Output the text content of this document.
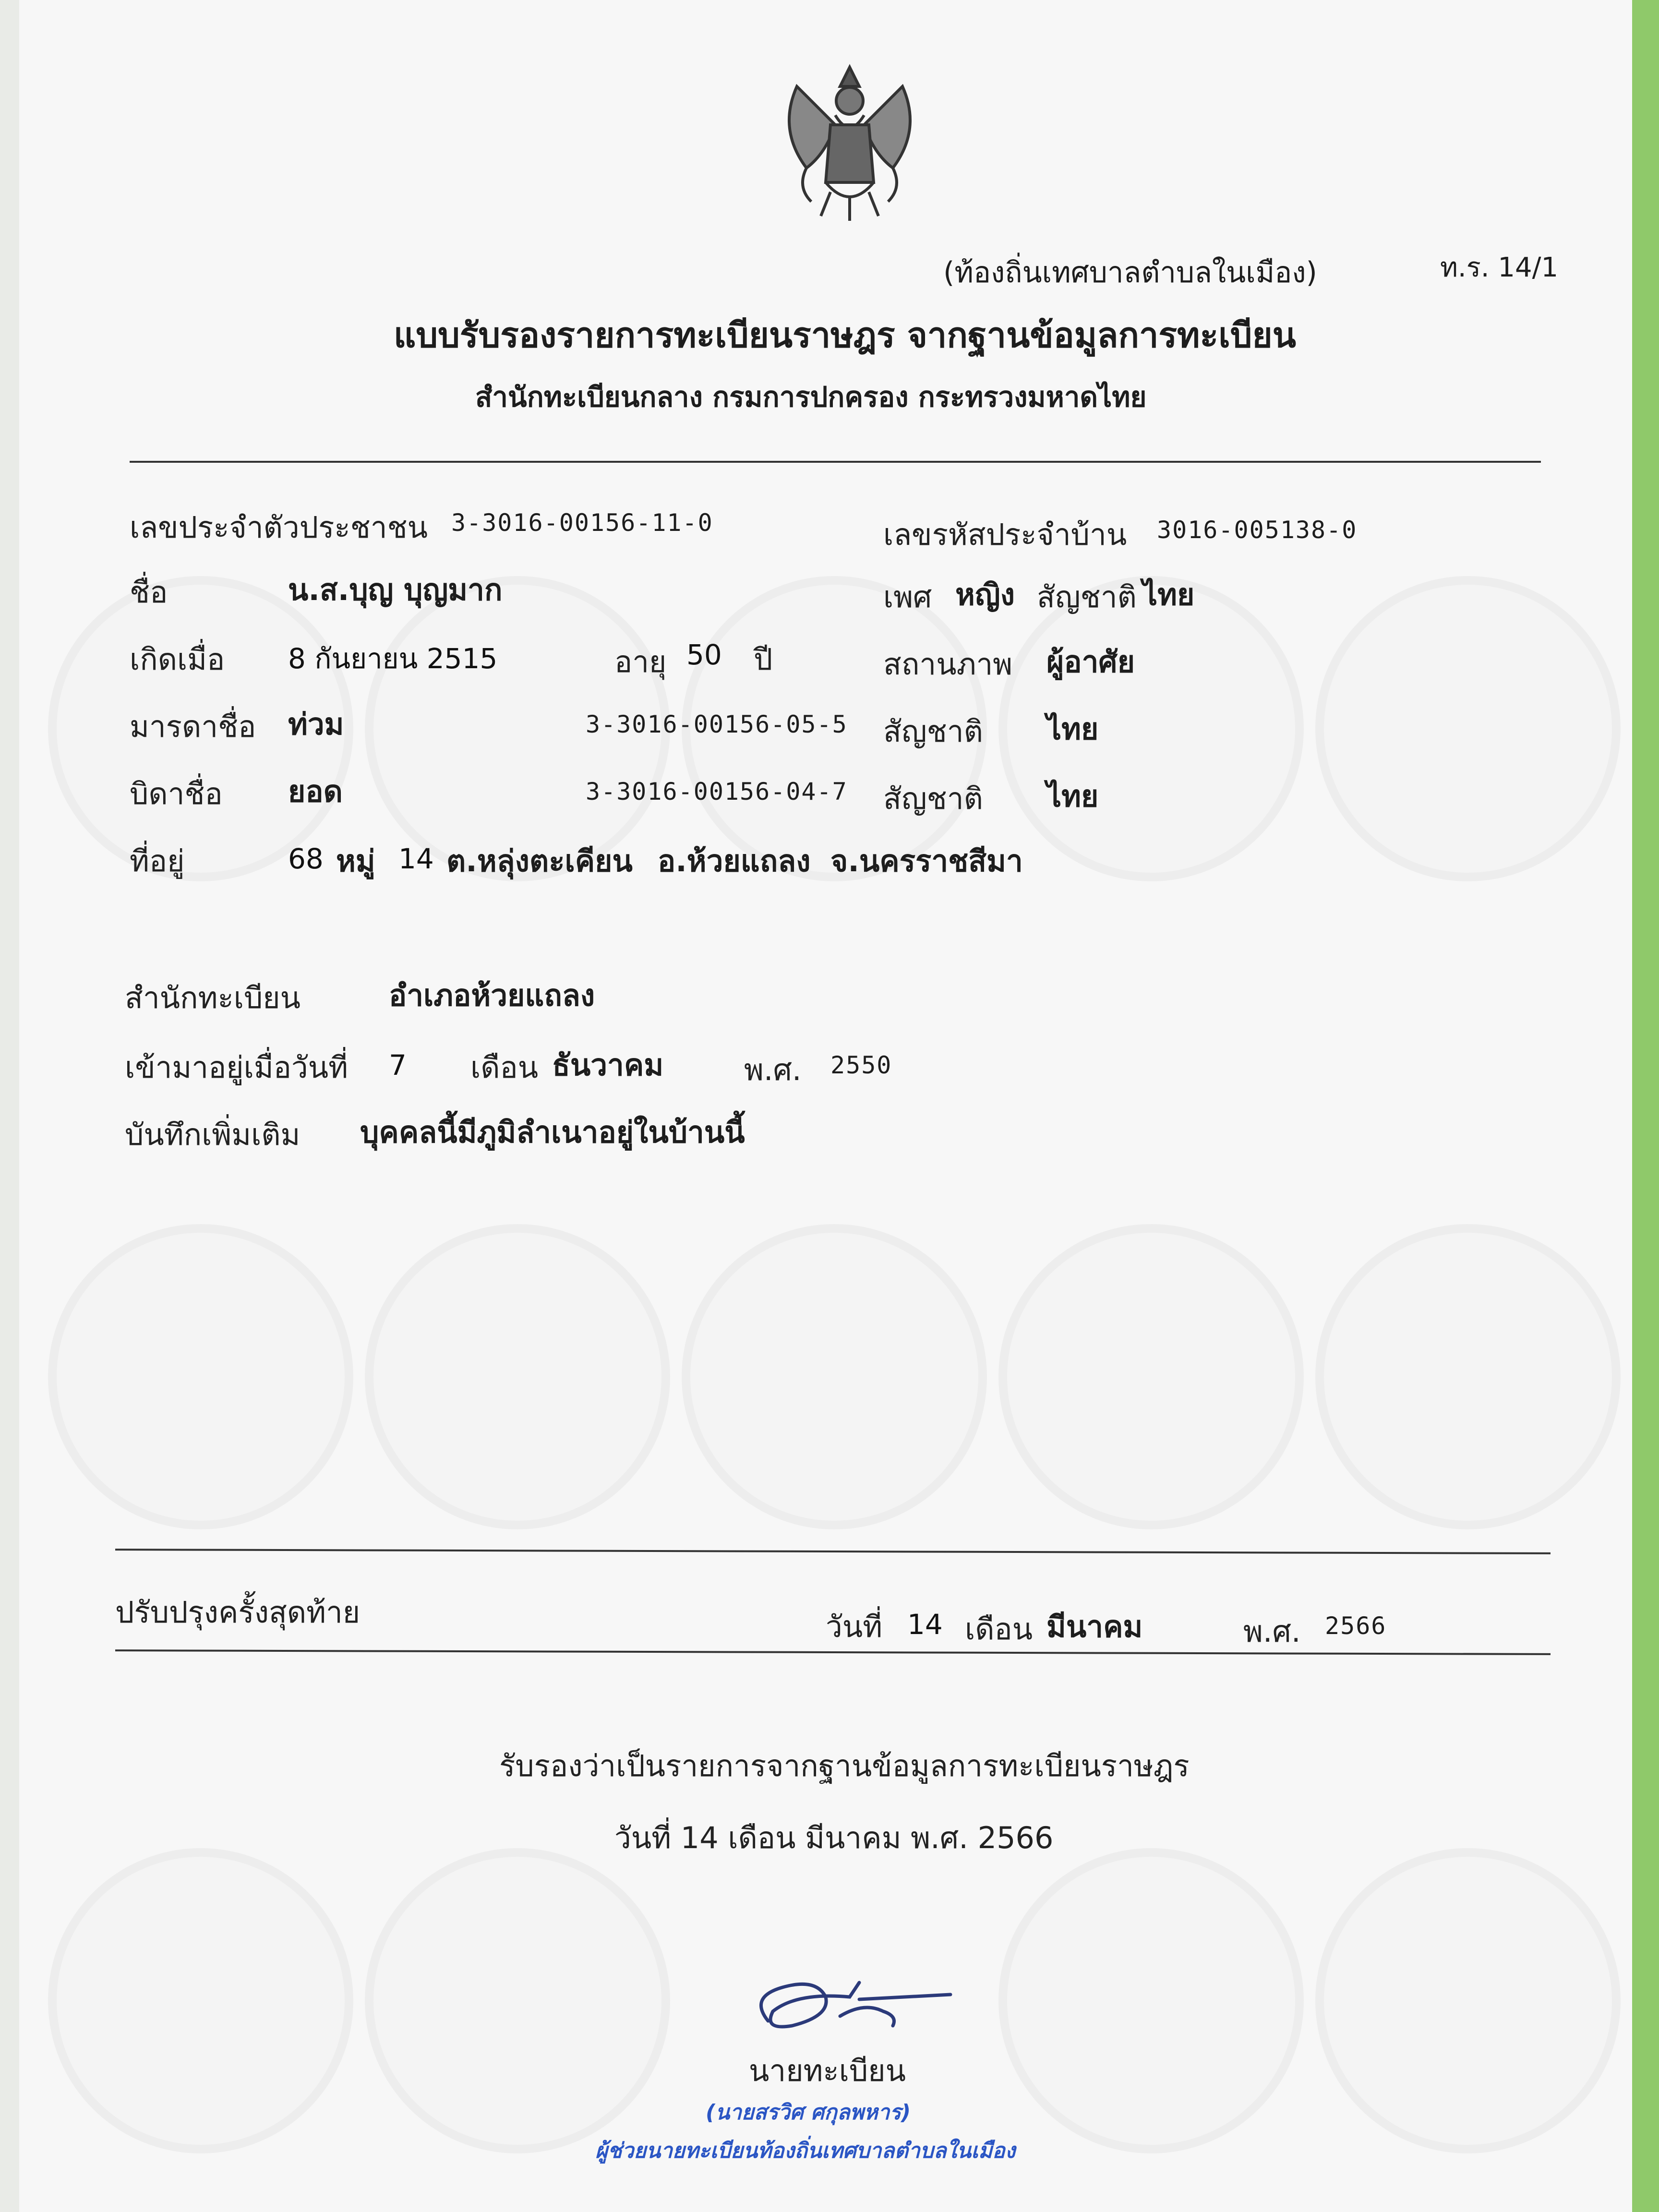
(ท้องถิ่นเทศบาลตำบลในเมือง)	ท.ร. 14/1
แบบรับรองรายการทะเบียนราษฎร จากฐานข้อมูลการทะเบียน
สำนักทะเบียนกลาง กรมการปกครอง กระทรวงมหาดไทย
เลขประจำตัวประชาชน 3-3016-00156-11-0	เลขรหัสประจำบ้าน 3016-005138-0
ชื่อ	น.ส.บุญ บุญมาก	เพศ หญิง สัญชาติ ไทย
เกิดเมื่อ 8 กันยายน 2515	อายุ 50 ปี	สถานภาพ ผู้อาศัย
มารดาชื่อ ท่วม	3-3016-00156-05-5 สัญชาติ ไทย
บิดาชื่อ ยอด	3-3016-00156-04-7 สัญชาติ ไทย
ที่อยู่	68 หมู่ 14 ต.หลุ่งตะเคียน อ.ห้วยแถลง จ.นครราชสีมา
สำนักทะเบียน	อำเภอห้วยแถลง
เข้ามาอยู่เมื่อวันที่ 7 เดือน ธันวาคม	พ.ศ. 2550
บันทึกเพิ่มเติม บุคคลนี้มีภูมิลำเนาอยู่ในบ้านนี้
ปรับปรุงครั้งสุดท้าย	วันที่ 14 เดือน มีนาคม	พ.ศ. 2566
รับรองว่าเป็นรายการจากฐานข้อมูลการทะเบียนราษฎร
วันที่ 14 เดือน มีนาคม พ.ศ. 2566
นายทะเบียน
(นายสรวิศ ศกุลพหาร)
ผู้ช่วยนายทะเบียนท้องถิ่นเทศบาลตำบลในเมือง
